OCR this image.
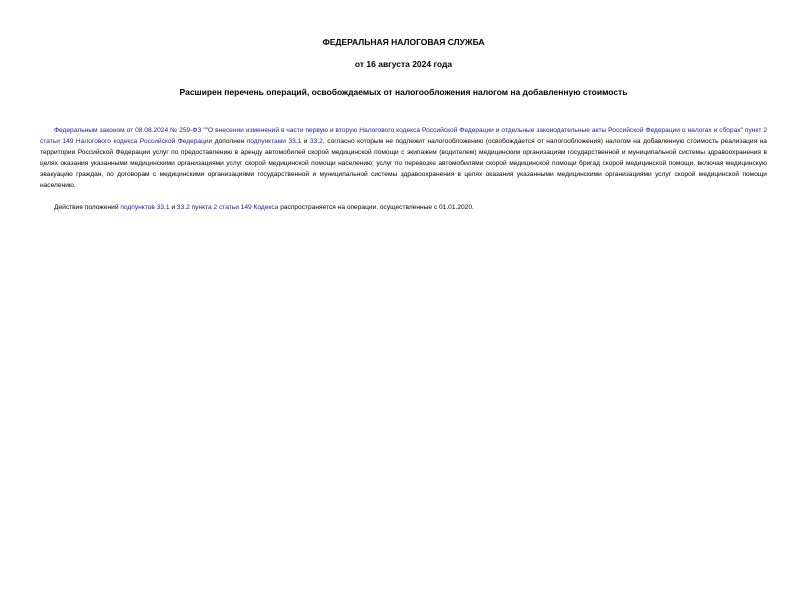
ФЕДЕРАЛЬНАЯ НАЛОГОВАЯ СЛУЖБА
от 16 августа 2024 года
Расширен перечень операций, освобождаемых от налогообложения налогом на добавленную стоимость

Федеральным законом от 08.08.2024 № 259-ФЗ ""О внесении изменений в части первую и вторую Налогового кодекса Российской Федерации и отдельные законодательные акты Российской Федерации о налогах и сборах" пункт 2 статьи 149 Налогового кодекса Российской Федерации дополнен подпунктами 33.1 и 33.2, согласно которым не подлежит налогообложению (освобождается от налогообложения) налогом на добавленную стоимость реализация на территории Российской Федерации услуг по предоставлению в аренду автомобилей скорой медицинской помощи с экипажем (водителем) медицинским организациям государственной и муниципальной системы здравоохранения в целях оказания указанными медицинскими организациями услуг скорой медицинской помощи населению; услуг по перевозке автомобилями скорой медицинской помощи бригад скорой медицинской помощи, включая медицинскую эвакуацию граждан, по договорам с медицинскими организациями государственной и муниципальной системы здравоохранения в целях оказания указанными медицинскими организациями услуг скорой медицинской помощи населению.

Действие положений подпунктов 33.1 и 33.2 пункта 2 статьи 149 Кодекса распространяется на операции, осуществленные с 01.01.2020.
